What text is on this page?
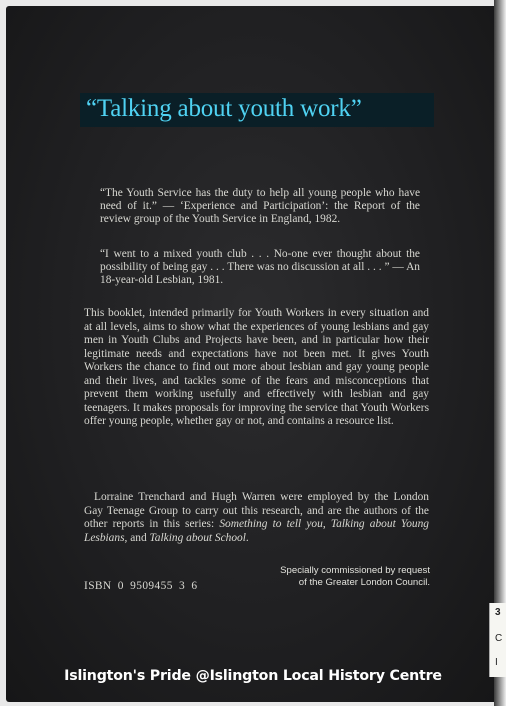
“Talking about youth work”
“The Youth Service has the duty to help all young people who have need of it.” — ‘Experience and Participation’: the Report of the review group of the Youth Service in England, 1982.
“I went to a mixed youth club . . . No-one ever thought about the possibility of being gay . . . There was no discussion at all . . . ” — An 18-year-old Lesbian, 1981.
This booklet, intended primarily for Youth Workers in every situation and at all levels, aims to show what the experiences of young lesbians and gay men in Youth Clubs and Projects have been, and in particular how their legitimate needs and expectations have not been met. It gives Youth Workers the chance to find out more about lesbian and gay young people and their lives, and tackles some of the fears and misconceptions that prevent them working usefully and effectively with lesbian and gay teenagers. It makes proposals for improving the service that Youth Workers offer young people, whether gay or not, and contains a resource list.
Lorraine Trenchard and Hugh Warren were employed by the London Gay Teenage Group to carry out this research, and are the authors of the other reports in this series: Something to tell you, Talking about Young Lesbians, and Talking about School.
Specially commissioned by request
of the Greater London Council.
ISBN 0 9509455 3 6
3
C
I
Islington's Pride @Islington Local History Centre
